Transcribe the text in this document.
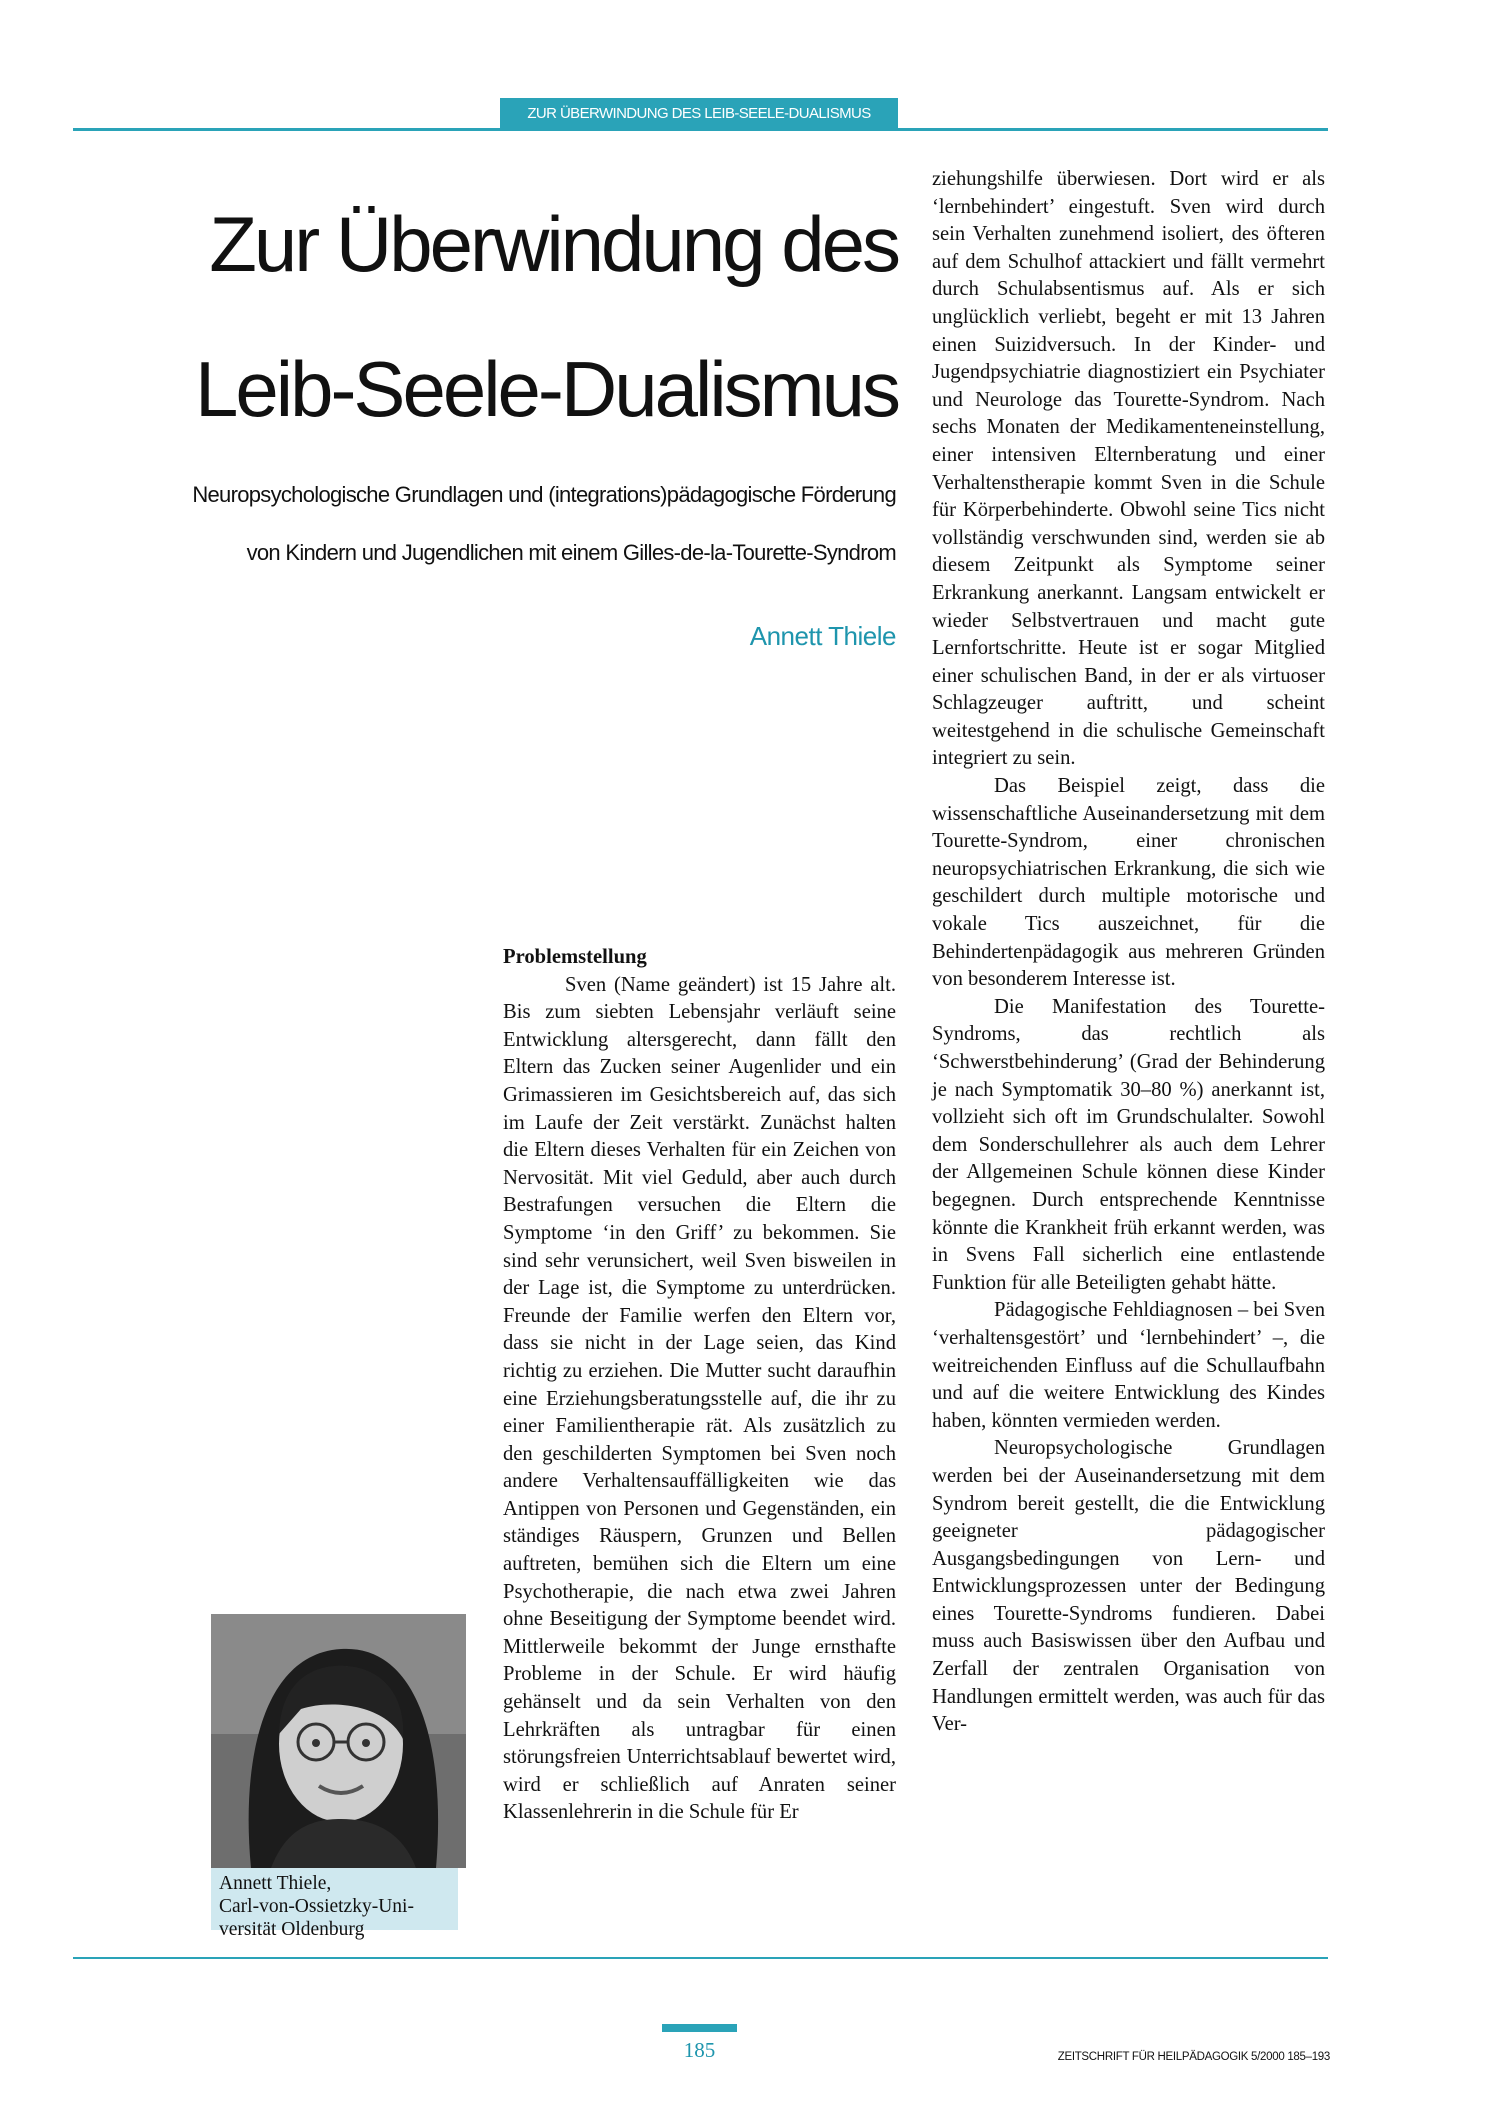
ZUR ÜBERWINDUNG DES LEIB-SEELE-DUALISMUS
Zur Überwindung des
Leib-Seele-Dualismus
Neuropsychologische Grundlagen und (integrations)pädagogische Förderung
von Kindern und Jugendlichen mit einem Gilles-de-la-Tourette-Syndrom
Annett Thiele
Problemstellung

Sven (Name geändert) ist 15 Jahre alt. Bis zum siebten Lebensjahr verläuft seine Entwicklung altersgerecht, dann fällt den Eltern das Zucken seiner Augenlider und ein Grimassieren im Gesichtsbereich auf, das sich im Laufe der Zeit verstärkt. Zunächst halten die Eltern dieses Verhalten für ein Zeichen von Nervosität. Mit viel Geduld, aber auch durch Bestrafungen versuchen die Eltern die Symptome ‘in den Griff’ zu bekommen. Sie sind sehr verunsichert, weil Sven bisweilen in der Lage ist, die Symptome zu unterdrücken. Freunde der Familie werfen den Eltern vor, dass sie nicht in der Lage seien, das Kind richtig zu erziehen. Die Mutter sucht daraufhin eine Erziehungsberatungsstelle auf, die ihr zu einer Familientherapie rät. Als zusätzlich zu den geschilderten Symptomen bei Sven noch andere Verhaltensauffälligkeiten wie das Antippen von Personen und Gegenständen, ein ständiges Räuspern, Grunzen und Bellen auftreten, bemühen sich die Eltern um eine Psychotherapie, die nach etwa zwei Jahren ohne Beseitigung der Symptome beendet wird. Mittlerweile bekommt der Junge ernsthafte Probleme in der Schule. Er wird häufig gehänselt und da sein Verhalten von den Lehrkräften als untragbar für einen störungsfreien Unterrichtsablauf bewertet wird, wird er schließlich auf Anraten seiner Klassenlehrerin in die Schule für Er

ziehungshilfe überwiesen. Dort wird er als ‘lernbehindert’ eingestuft. Sven wird durch sein Verhalten zunehmend isoliert, des öfteren auf dem Schulhof attackiert und fällt vermehrt durch Schulabsentismus auf. Als er sich unglücklich verliebt, begeht er mit 13 Jahren einen Suizidversuch. In der Kinder- und Jugendpsychiatrie diagnostiziert ein Psychiater und Neurologe das Tourette-Syndrom. Nach sechs Monaten der Medikamenteneinstellung, einer intensiven Elternberatung und einer Verhaltenstherapie kommt Sven in die Schule für Körperbehinderte. Obwohl seine Tics nicht vollständig verschwunden sind, werden sie ab diesem Zeitpunkt als Symptome seiner Erkrankung anerkannt. Langsam entwickelt er wieder Selbstvertrauen und macht gute Lernfortschritte. Heute ist er sogar Mitglied einer schulischen Band, in der er als virtuoser Schlagzeuger auftritt, und scheint weitestgehend in die schulische Gemeinschaft integriert zu sein.

Das Beispiel zeigt, dass die wissenschaftliche Auseinandersetzung mit dem Tourette-Syndrom, einer chronischen neuropsychiatrischen Erkrankung, die sich wie geschildert durch multiple motorische und vokale Tics auszeichnet, für die Behindertenpädagogik aus mehreren Gründen von besonderem Interesse ist.

Die Manifestation des Tourette-Syndroms, das rechtlich als ‘Schwerstbehinderung’ (Grad der Behinderung je nach Symptomatik 30–80 %) anerkannt ist, vollzieht sich oft im Grundschulalter. Sowohl dem Sonderschullehrer als auch dem Lehrer der Allgemeinen Schule können diese Kinder begegnen. Durch entsprechende Kenntnisse könnte die Krankheit früh erkannt werden, was in Svens Fall sicherlich eine entlastende Funktion für alle Beteiligten gehabt hätte.

Pädagogische Fehldiagnosen – bei Sven ‘verhaltensgestört’ und ‘lernbehindert’ –, die weitreichenden Einfluss auf die Schullaufbahn und auf die weitere Entwicklung des Kindes haben, könnten vermieden werden.

Neuropsychologische Grundlagen werden bei der Auseinandersetzung mit dem Syndrom bereit gestellt, die die Entwicklung geeigneter pädagogischer Ausgangsbedingungen von Lern- und Entwicklungsprozessen unter der Bedingung eines Tourette-Syndroms fundieren. Dabei muss auch Basiswissen über den Aufbau und Zerfall der zentralen Organisation von Handlungen ermittelt werden, was auch für das Ver-

Annett Thiele,
Carl-von-Ossietzky-Uni-
versität Oldenburg
185	ZEITSCHRIFT FÜR HEILPÄDAGOGIK 5/2000 185–193
